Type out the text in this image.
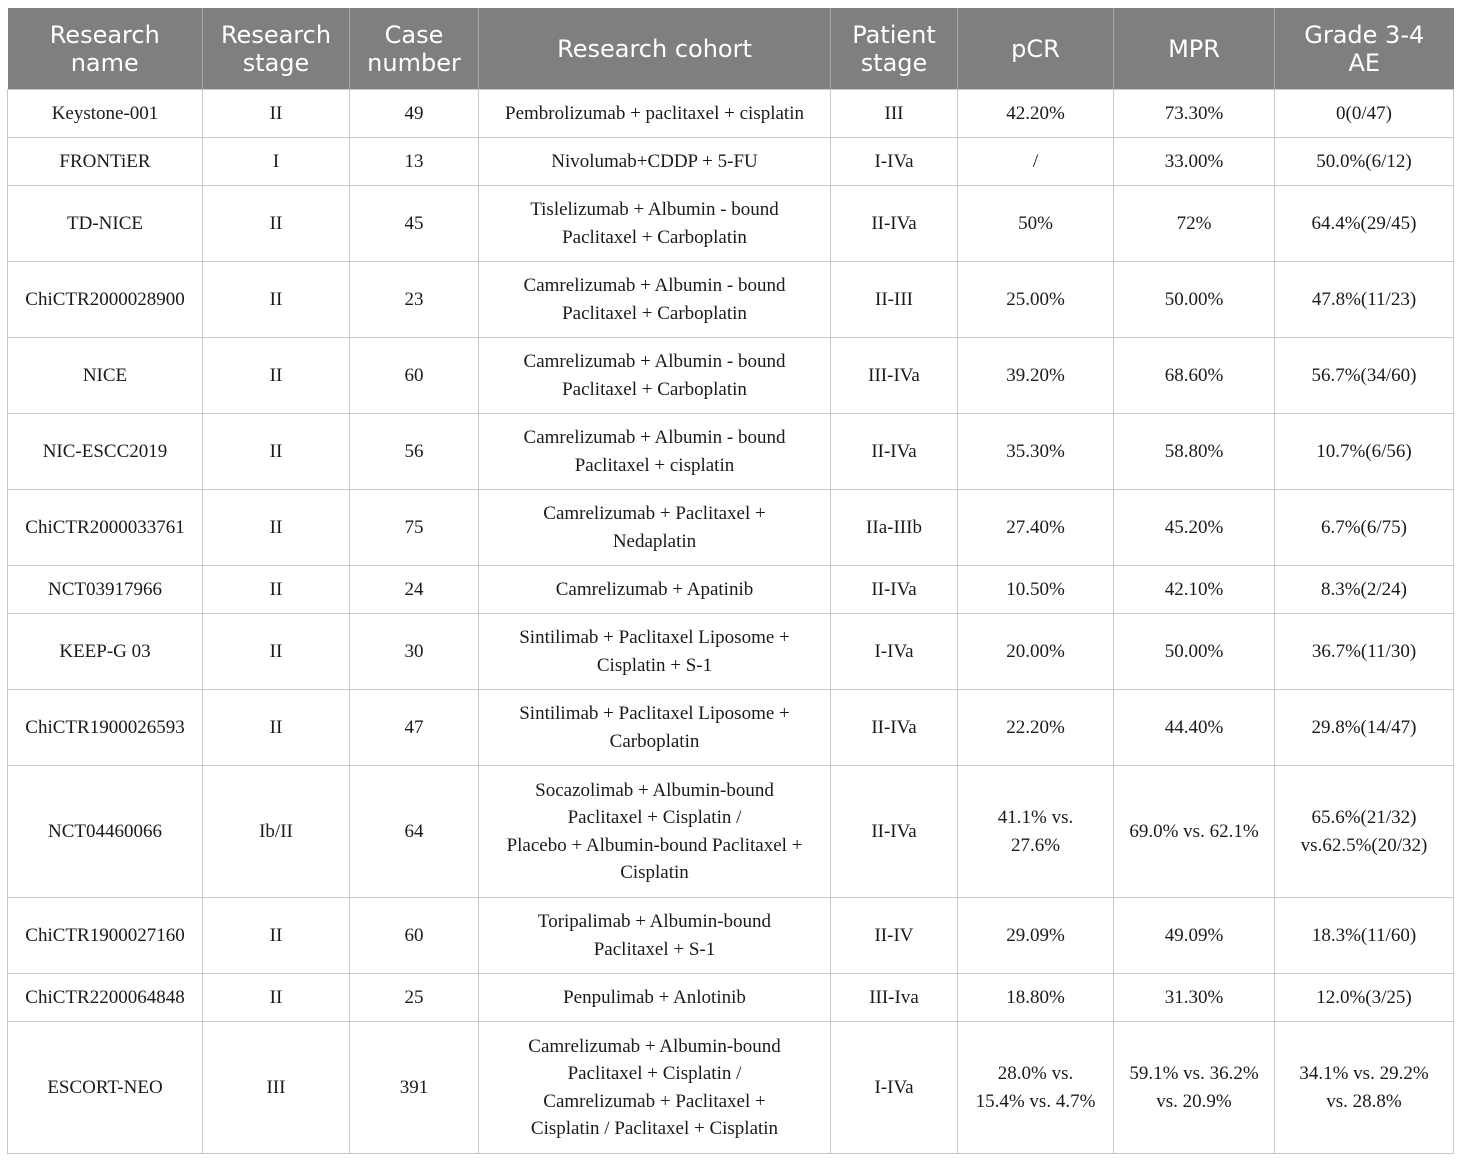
Research
name	Research
stage	Case
number	Research cohort	Patient
stage	pCR	MPR	Grade 3-4
AE
Keystone-001	II	49	Pembrolizumab + paclitaxel + cisplatin	III	42.20%	73.30%	0(0/47)
FRONTiER	I	13	Nivolumab+CDDP + 5-FU	I-IVa	/	33.00%	50.0%(6/12)
TD-NICE	II	45	Tislelizumab + Albumin - bound
Paclitaxel + Carboplatin	II-IVa	50%	72%	64.4%(29/45)
ChiCTR2000028900	II	23	Camrelizumab + Albumin - bound
Paclitaxel + Carboplatin	II-III	25.00%	50.00%	47.8%(11/23)
NICE	II	60	Camrelizumab + Albumin - bound
Paclitaxel + Carboplatin	III-IVa	39.20%	68.60%	56.7%(34/60)
NIC-ESCC2019	II	56	Camrelizumab + Albumin - bound
Paclitaxel + cisplatin	II-IVa	35.30%	58.80%	10.7%(6/56)
ChiCTR2000033761	II	75	Camrelizumab + Paclitaxel +
Nedaplatin	IIa-IIIb	27.40%	45.20%	6.7%(6/75)
NCT03917966	II	24	Camrelizumab + Apatinib	II-IVa	10.50%	42.10%	8.3%(2/24)
KEEP-G 03	II	30	Sintilimab + Paclitaxel Liposome +
Cisplatin + S-1	I-IVa	20.00%	50.00%	36.7%(11/30)
ChiCTR1900026593	II	47	Sintilimab + Paclitaxel Liposome +
Carboplatin	II-IVa	22.20%	44.40%	29.8%(14/47)
NCT04460066	Ib/II	64	Socazolimab + Albumin-bound
Paclitaxel + Cisplatin /
Placebo + Albumin-bound Paclitaxel +
Cisplatin	II-IVa	41.1% vs.
27.6%	69.0% vs. 62.1%	65.6%(21/32)
vs.62.5%(20/32)
ChiCTR1900027160	II	60	Toripalimab + Albumin-bound
Paclitaxel + S-1	II-IV	29.09%	49.09%	18.3%(11/60)
ChiCTR2200064848	II	25	Penpulimab + Anlotinib	III-Iva	18.80%	31.30%	12.0%(3/25)
ESCORT-NEO	III	391	Camrelizumab + Albumin-bound
Paclitaxel + Cisplatin /
Camrelizumab + Paclitaxel +
Cisplatin / Paclitaxel + Cisplatin	I-IVa	28.0% vs.
15.4% vs. 4.7%	59.1% vs. 36.2%
vs. 20.9%	34.1% vs. 29.2%
vs. 28.8%
